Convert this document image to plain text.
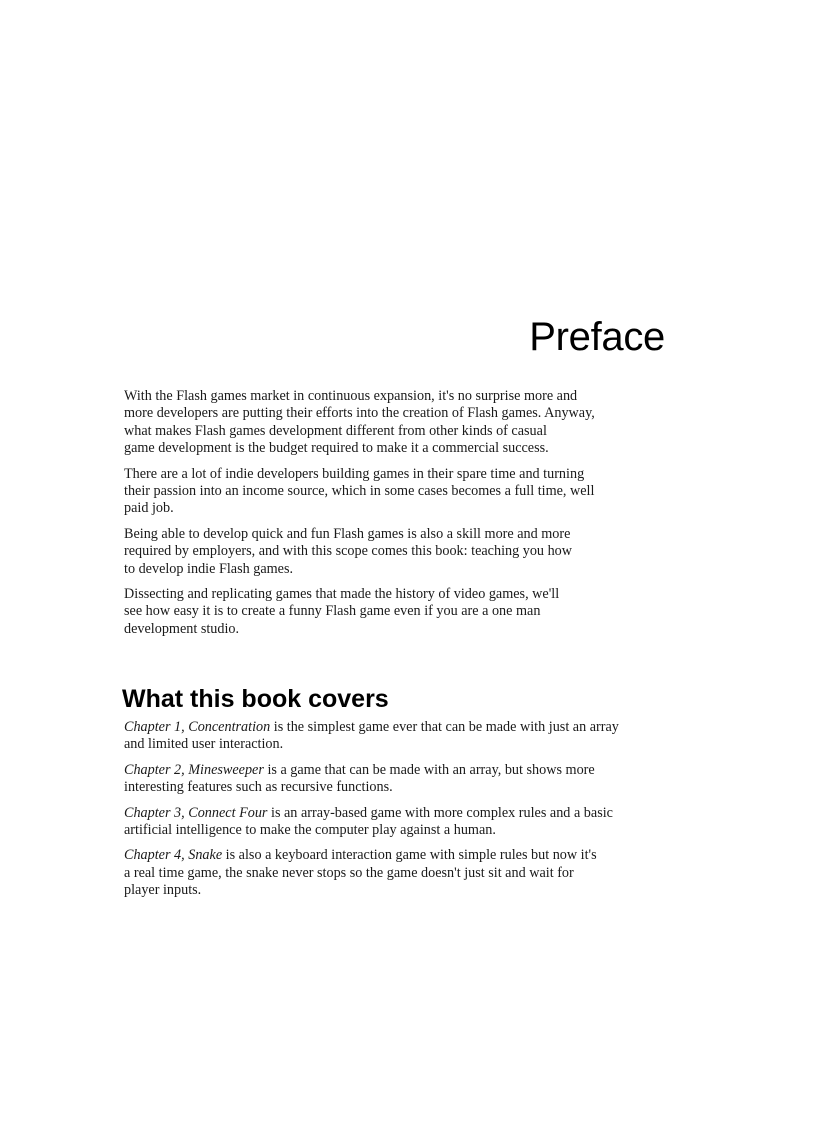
Preface

With the Flash games market in continuous expansion, it's no surprise more and
more developers are putting their efforts into the creation of Flash games. Anyway,
what makes Flash games development different from other kinds of casual
game development is the budget required to make it a commercial success.

There are a lot of indie developers building games in their spare time and turning
their passion into an income source, which in some cases becomes a full time, well
paid job.

Being able to develop quick and fun Flash games is also a skill more and more
required by employers, and with this scope comes this book: teaching you how
to develop indie Flash games.

Dissecting and replicating games that made the history of video games, we'll
see how easy it is to create a funny Flash game even if you are a one man
development studio.

What this book covers

Chapter 1, Concentration is the simplest game ever that can be made with just an array
and limited user interaction.

Chapter 2, Minesweeper is a game that can be made with an array, but shows more
interesting features such as recursive functions.

Chapter 3, Connect Four is an array-based game with more complex rules and a basic
artificial intelligence to make the computer play against a human.

Chapter 4, Snake is also a keyboard interaction game with simple rules but now it's
a real time game, the snake never stops so the game doesn't just sit and wait for
player inputs.
